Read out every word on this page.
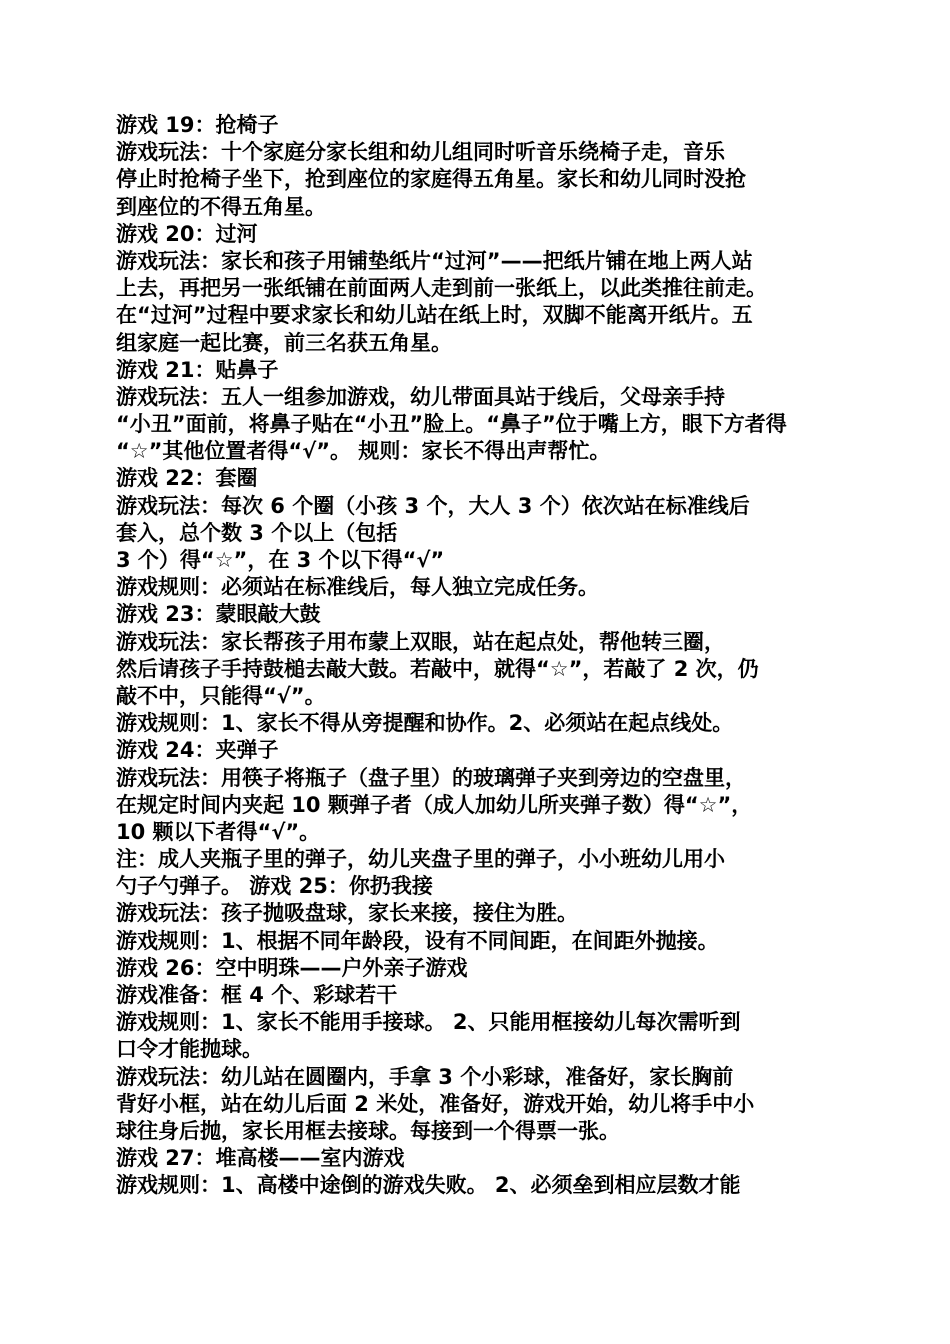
游戏 19：抢椅子
游戏玩法：十个家庭分家长组和幼儿组同时听音乐绕椅子走，音乐
停止时抢椅子坐下，抢到座位的家庭得五角星。家长和幼儿同时没抢
到座位的不得五角星。
游戏 20：过河
游戏玩法：家长和孩子用铺垫纸片“过河”——把纸片铺在地上两人站
上去，再把另一张纸铺在前面两人走到前一张纸上，以此类推往前走。
在“过河”过程中要求家长和幼儿站在纸上时，双脚不能离开纸片。五
组家庭一起比赛，前三名获五角星。
游戏 21：贴鼻子
游戏玩法：五人一组参加游戏，幼儿带面具站于线后，父母亲手持
“小丑”面前，将鼻子贴在“小丑”脸上。“鼻子”位于嘴上方，眼下方者得
“☆”其他位置者得“√”。 规则：家长不得出声帮忙。
游戏 22：套圈
游戏玩法：每次 6 个圈（小孩 3 个，大人 3 个）依次站在标准线后
套入，总个数 3 个以上（包括
3 个）得“☆”，在 3 个以下得“√”
游戏规则：必须站在标准线后，每人独立完成任务。
游戏 23：蒙眼敲大鼓
游戏玩法：家长帮孩子用布蒙上双眼，站在起点处，帮他转三圈，
然后请孩子手持鼓槌去敲大鼓。若敲中，就得“☆”，若敲了 2 次，仍
敲不中，只能得“√”。
游戏规则：1、家长不得从旁提醒和协作。2、必须站在起点线处。
游戏 24：夹弹子
游戏玩法：用筷子将瓶子（盘子里）的玻璃弹子夹到旁边的空盘里，
在规定时间内夹起 10 颗弹子者（成人加幼儿所夹弹子数）得“☆”，
10 颗以下者得“√”。
注：成人夹瓶子里的弹子，幼儿夹盘子里的弹子，小小班幼儿用小
勺子勺弹子。 游戏 25：你扔我接
游戏玩法：孩子抛吸盘球，家长来接，接住为胜。
游戏规则：1、根据不同年龄段，设有不同间距，在间距外抛接。
游戏 26：空中明珠——户外亲子游戏
游戏准备：框 4 个、彩球若干
游戏规则：1、家长不能用手接球。 2、只能用框接幼儿每次需听到
口令才能抛球。
游戏玩法：幼儿站在圆圈内，手拿 3 个小彩球，准备好，家长胸前
背好小框，站在幼儿后面 2 米处，准备好，游戏开始，幼儿将手中小
球往身后抛，家长用框去接球。每接到一个得票一张。
游戏 27：堆高楼——室内游戏
游戏规则：1、高楼中途倒的游戏失败。 2、必须垒到相应层数才能
